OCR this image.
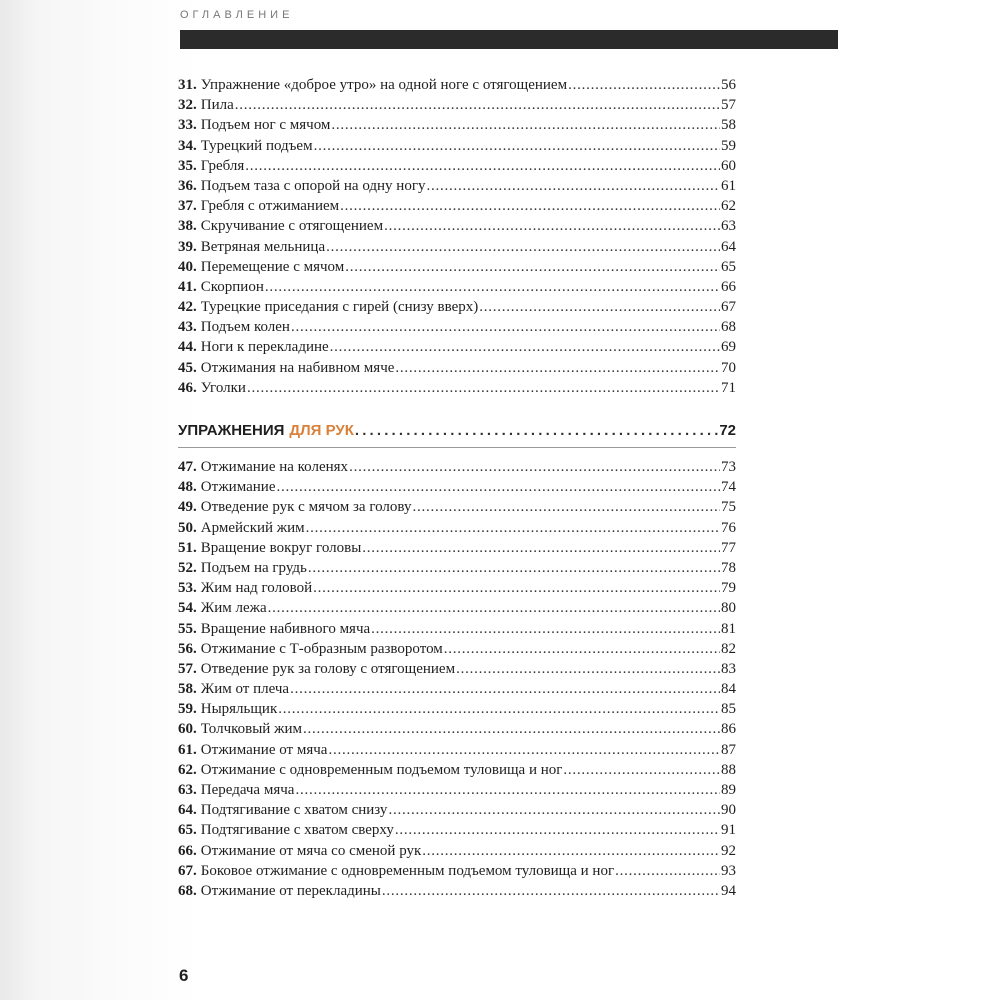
ОГЛАВЛЕНИЕ
31. Упражнение «доброе утро» на одной ноге с отягощением . . .	56
32. Пила . . .	57
33. Подъем ног с мячом . . .	58
34. Турецкий подъем . . .	59
35. Гребля . . .	60
36. Подъем таза с опорой на одну ногу . . .	61
37. Гребля с отжиманием . . .	62
38. Скручивание с отягощением . . .	63
39. Ветряная мельница . . .	64
40. Перемещение с мячом . . .	65
41. Скорпион . . .	66
42. Турецкие приседания с гирей (снизу вверх) . . .	67
43. Подъем колен . . .	68
44. Ноги к перекладине . . .	69
45. Отжимания на набивном мяче . . .	70
46. Уголки . . .	71
УПРАЖНЕНИЯ ДЛЯ РУК . . .	72
47. Отжимание на коленях . . .	73
48. Отжимание . . .	74
49. Отведение рук с мячом за голову . . .	75
50. Армейский жим . . .	76
51. Вращение вокруг головы . . .	77
52. Подъем на грудь . . .	78
53. Жим над головой . . .	79
54. Жим лежа . . .	80
55. Вращение набивного мяча . . .	81
56. Отжимание с Т-образным разворотом . . .	82
57. Отведение рук за голову с отягощением . . .	83
58. Жим от плеча . . .	84
59. Ныряльщик . . .	85
60. Толчковый жим . . .	86
61. Отжимание от мяча . . .	87
62. Отжимание с одновременным подъемом туловища и ног . . .	88
63. Передача мяча . . .	89
64. Подтягивание с хватом снизу . . .	90
65. Подтягивание с хватом сверху . . .	91
66. Отжимание от мяча со сменой рук . . .	92
67. Боковое отжимание с одновременным подъемом туловища и ног . . .	93
68. Отжимание от перекладины . . .	94
6
